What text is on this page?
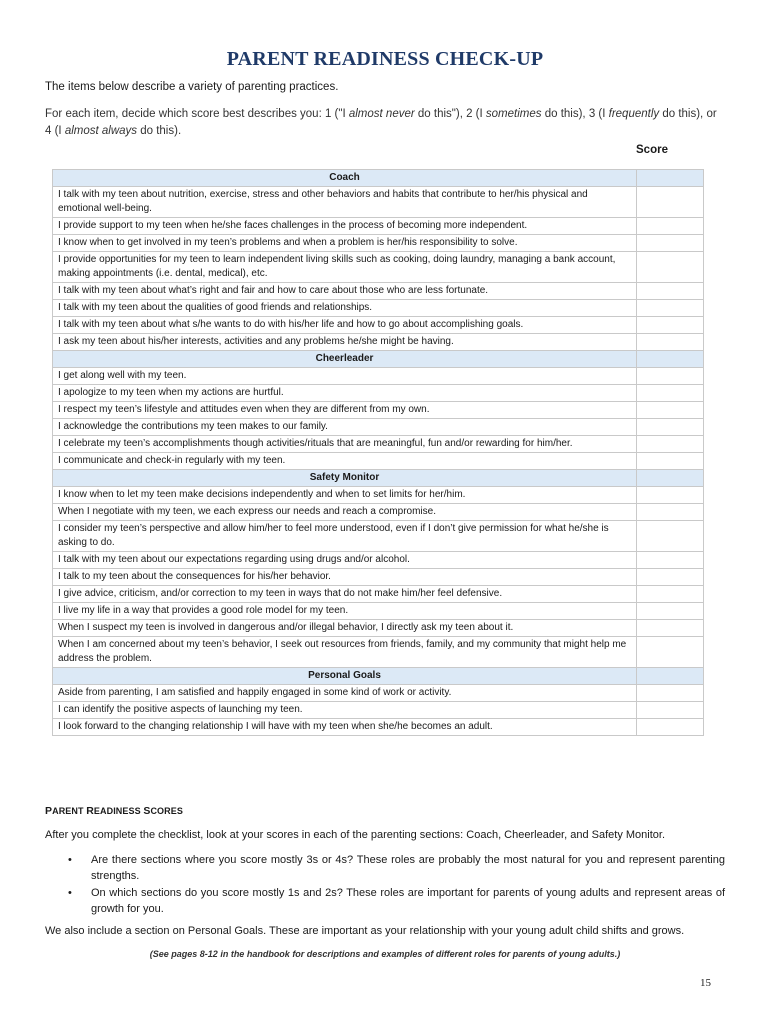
PARENT READINESS CHECK-UP
The items below describe a variety of parenting practices.
For each item, decide which score best describes you: 1 ("I almost never do this"), 2 (I sometimes do this), 3 (I frequently do this), or 4 (I almost always do this).
Score
Coach	
I talk with my teen about nutrition, exercise, stress and other behaviors and habits that contribute to her/his physical and emotional well-being.	
I provide support to my teen when he/she faces challenges in the process of becoming more independent.	
I know when to get involved in my teen’s problems and when a problem is her/his responsibility to solve.	
I provide opportunities for my teen to learn independent living skills such as cooking, doing laundry, managing a bank account, making appointments (i.e. dental, medical), etc.	
I talk with my teen about what’s right and fair and how to care about those who are less fortunate.	
I talk with my teen about the qualities of good friends and relationships.	
I talk with my teen about what s/he wants to do with his/her life and how to go about accomplishing goals.	
I ask my teen about his/her interests, activities and any problems he/she might be having.	
Cheerleader	
I get along well with my teen.	
I apologize to my teen when my actions are hurtful.	
I respect my teen’s lifestyle and attitudes even when they are different from my own.	
I acknowledge the contributions my teen makes to our family.	
I celebrate my teen’s accomplishments though activities/rituals that are meaningful, fun and/or rewarding for him/her.	
I communicate and check-in regularly with my teen.	
Safety Monitor	
I know when to let my teen make decisions independently and when to set limits for her/him.	
When I negotiate with my teen, we each express our needs and reach a compromise.	
I consider my teen’s perspective and allow him/her to feel more understood, even if I don’t give permission for what he/she is asking to do.	
I talk with my teen about our expectations regarding using drugs and/or alcohol.	
I talk to my teen about the consequences for his/her behavior.	
I give advice, criticism, and/or correction to my teen in ways that do not make him/her feel defensive.	
I live my life in a way that provides a good role model for my teen.	
When I suspect my teen is involved in dangerous and/or illegal behavior, I directly ask my teen about it.	
When I am concerned about my teen’s behavior, I seek out resources from friends, family, and my community that might help me address the problem.	
Personal Goals	
Aside from parenting, I am satisfied and happily engaged in some kind of work or activity.	
I can identify the positive aspects of launching my teen.	
I look forward to the changing relationship I will have with my teen when she/he becomes an adult.	
PARENT READINESS SCORES
After you complete the checklist, look at your scores in each of the parenting sections: Coach, Cheerleader, and Safety Monitor.
• Are there sections where you score mostly 3s or 4s? These roles are probably the most natural for you and represent parenting strengths.
• On which sections do you score mostly 1s and 2s? These roles are important for parents of young adults and represent areas of growth for you.
We also include a section on Personal Goals. These are important as your relationship with your young adult child shifts and grows.
(See pages 8-12 in the handbook for descriptions and examples of different roles for parents of young adults.)
15
